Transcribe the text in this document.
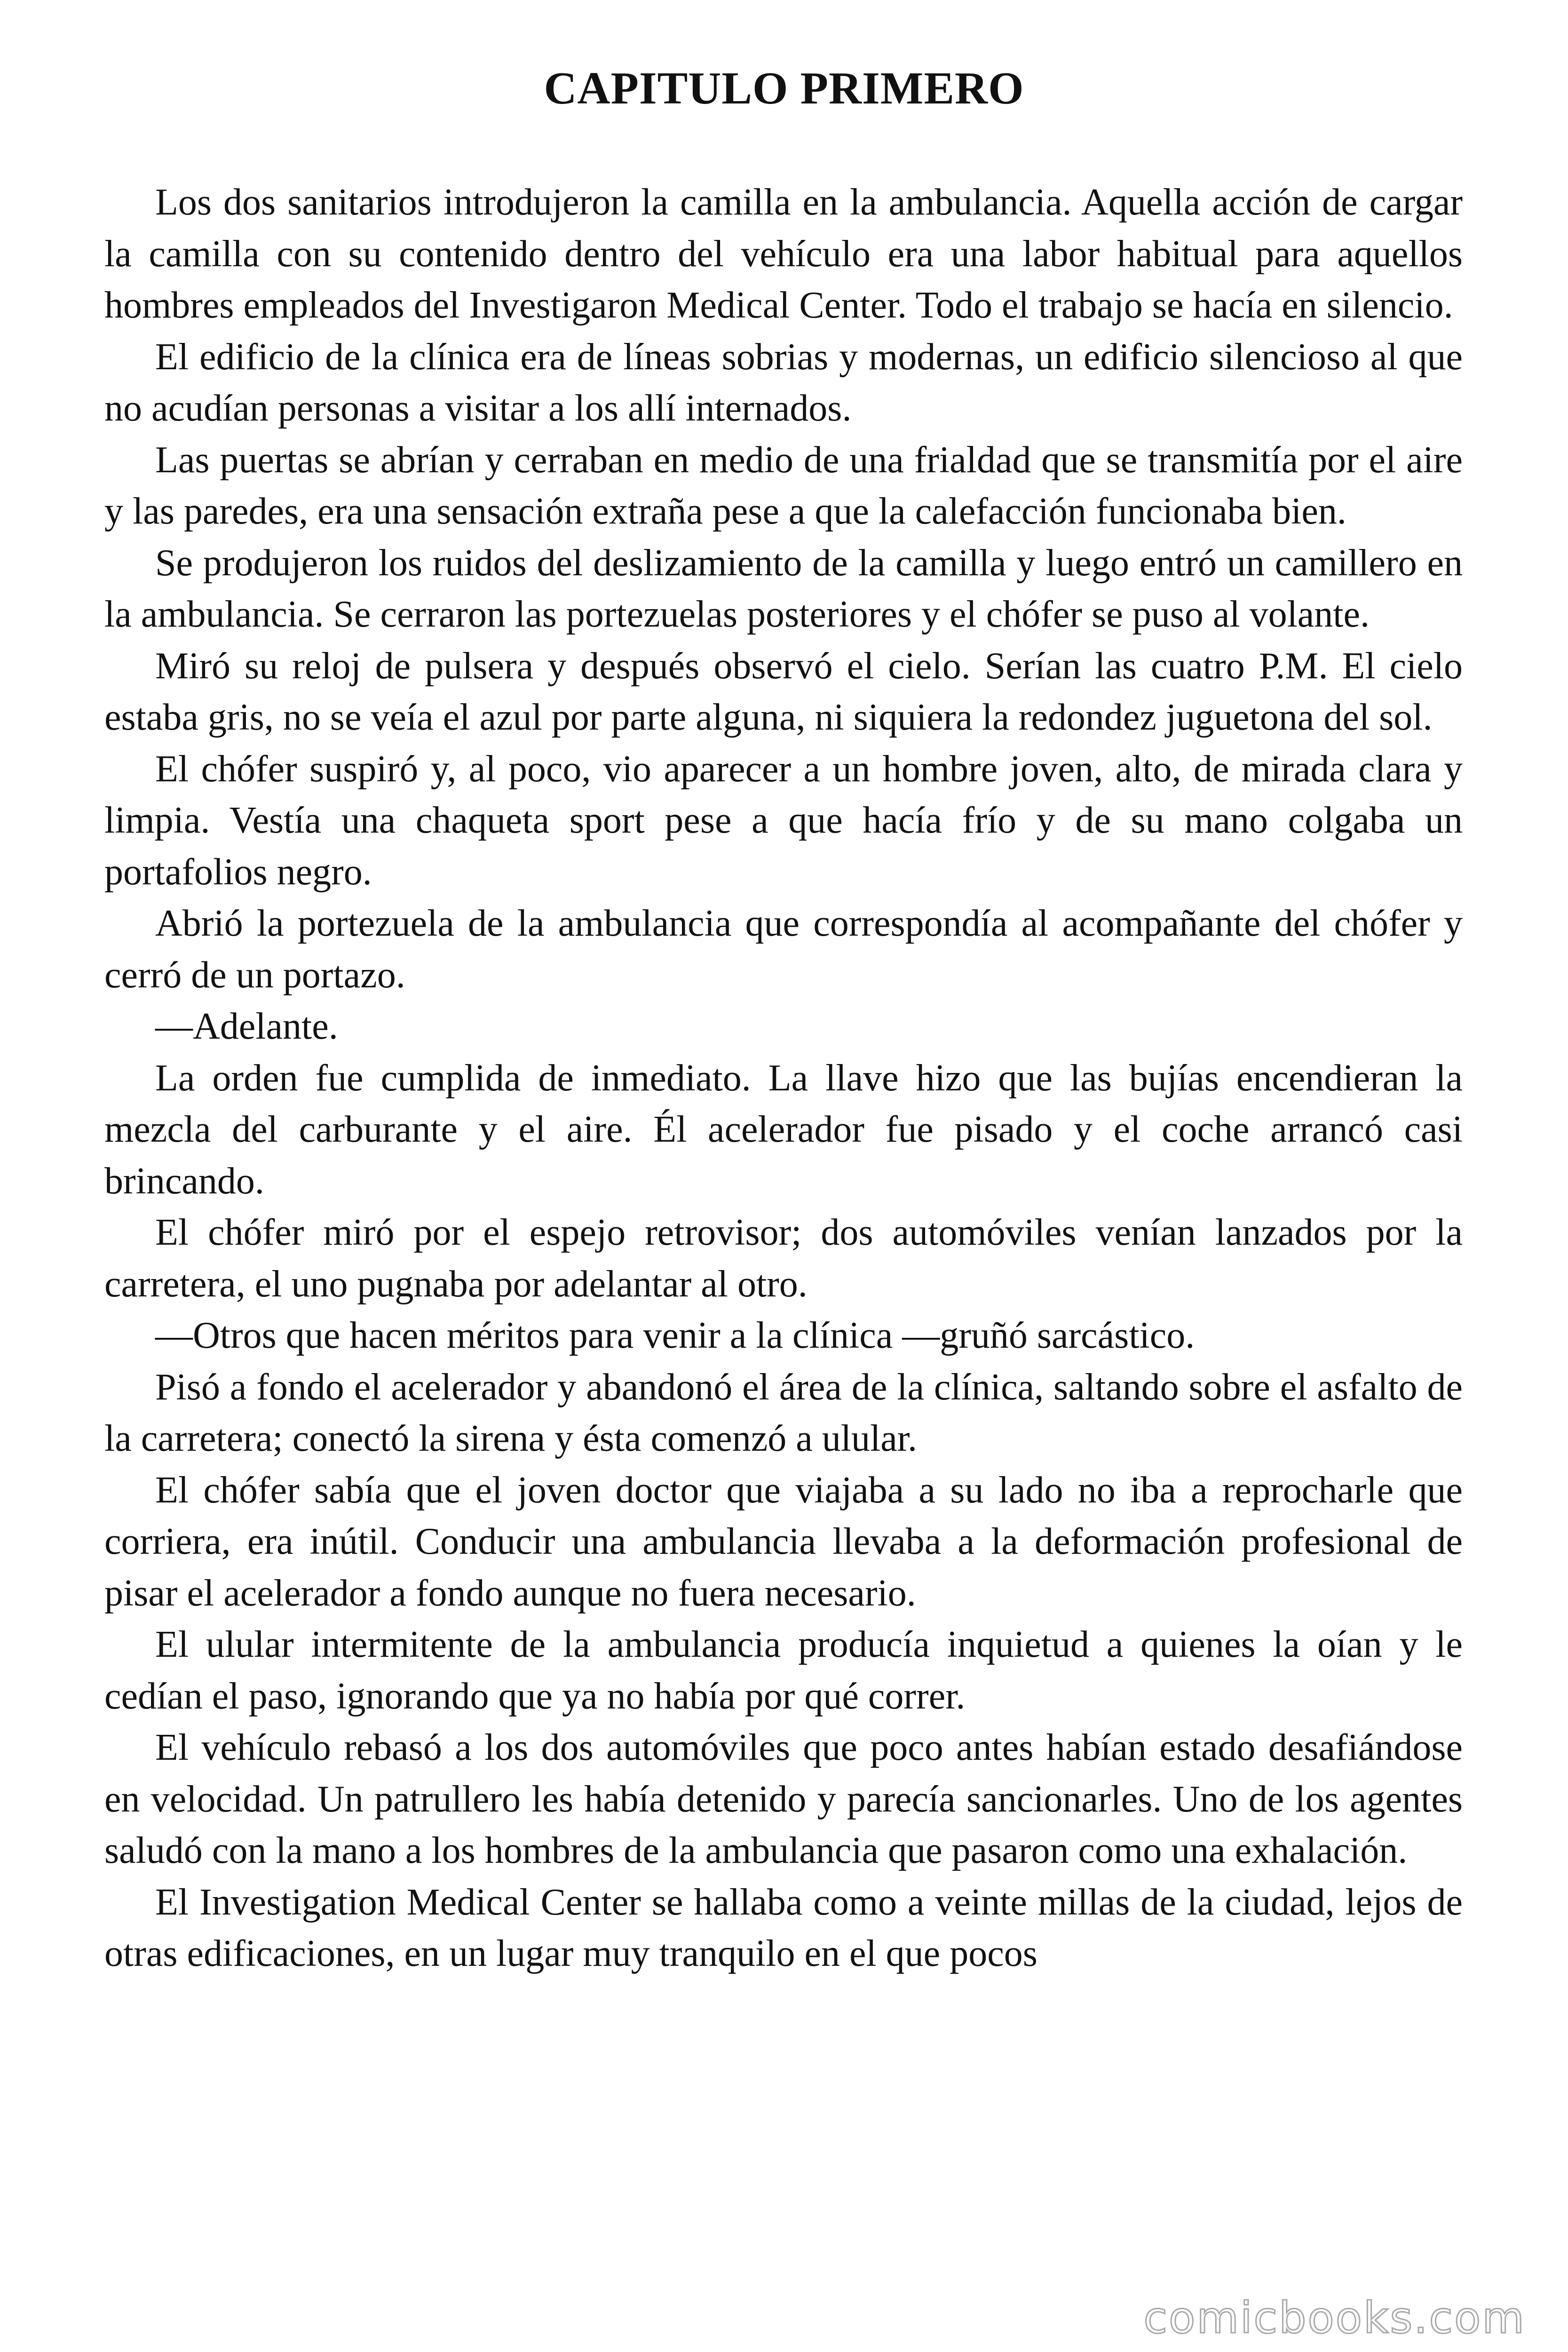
CAPITULO PRIMERO

Los dos sanitarios introdujeron la camilla en la ambulancia. Aquella acción de cargar la camilla con su contenido dentro del vehículo era una labor habitual para aquellos hombres empleados del Investigaron Medical Center. Todo el trabajo se hacía en silencio.

El edificio de la clínica era de líneas sobrias y modernas, un edificio silencioso al que no acudían personas a visitar a los allí internados.

Las puertas se abrían y cerraban en medio de una frialdad que se transmitía por el aire y las paredes, era una sensación extraña pese a que la calefacción funcionaba bien.

Se produjeron los ruidos del deslizamiento de la camilla y luego entró un camillero en la ambulancia. Se cerraron las portezuelas posteriores y el chófer se puso al volante.

Miró su reloj de pulsera y después observó el cielo. Serían las cuatro P.M. El cielo estaba gris, no se veía el azul por parte alguna, ni siquiera la redondez juguetona del sol.

El chófer suspiró y, al poco, vio aparecer a un hombre joven, alto, de mirada clara y limpia. Vestía una chaqueta sport pese a que hacía frío y de su mano colgaba un portafolios negro.

Abrió la portezuela de la ambulancia que correspondía al acompañante del chófer y cerró de un portazo.

—Adelante.

La orden fue cumplida de inmediato. La llave hizo que las bujías encendieran la mezcla del carburante y el aire. Él acelerador fue pisado y el coche arrancó casi brincando.

El chófer miró por el espejo retrovisor; dos automóviles venían lanzados por la carretera, el uno pugnaba por adelantar al otro.

—Otros que hacen méritos para venir a la clínica —gruñó sarcástico.

Pisó a fondo el acelerador y abandonó el área de la clínica, saltando sobre el asfalto de la carretera; conectó la sirena y ésta comenzó a ulular.

El chófer sabía que el joven doctor que viajaba a su lado no iba a reprocharle que corriera, era inútil. Conducir una ambulancia llevaba a la deformación profesional de pisar el acelerador a fondo aunque no fuera necesario.

El ulular intermitente de la ambulancia producía inquietud a quienes la oían y le cedían el paso, ignorando que ya no había por qué correr.

El vehículo rebasó a los dos automóviles que poco antes habían estado desafiándose en velocidad. Un patrullero les había detenido y parecía sancionarles. Uno de los agentes saludó con la mano a los hombres de la ambulancia que pasaron como una exhalación.

El Investigation Medical Center se hallaba como a veinte millas de la ciudad, lejos de otras edificaciones, en un lugar muy tranquilo en el que pocos

comicbooks.com
